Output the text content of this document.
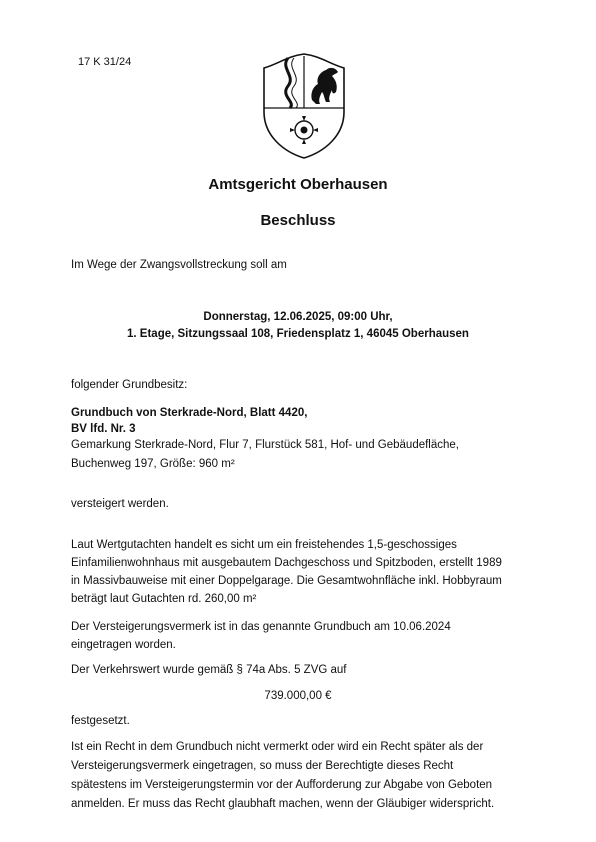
17 K 31/24
Amtsgericht Oberhausen
Beschluss
Im Wege der Zwangsvollstreckung soll am
Donnerstag, 12.06.2025, 09:00 Uhr,
1. Etage, Sitzungssaal 108, Friedensplatz 1, 46045 Oberhausen
folgender Grundbesitz:
Grundbuch von Sterkrade-Nord, Blatt 4420,
BV lfd. Nr. 3
Gemarkung Sterkrade-Nord, Flur 7, Flurstück 581, Hof- und Gebäudefläche,
Buchenweg 197, Größe: 960 m²
versteigert werden.
Laut Wertgutachten handelt es sicht um ein freistehendes 1,5-geschossiges
Einfamilienwohnhaus mit ausgebautem Dachgeschoss und Spitzboden, erstellt 1989
in Massivbauweise mit einer Doppelgarage. Die Gesamtwohnfläche inkl. Hobbyraum
beträgt laut Gutachten rd. 260,00 m²
Der Versteigerungsvermerk ist in das genannte Grundbuch am 10.06.2024
eingetragen worden.
Der Verkehrswert wurde gemäß § 74a Abs. 5 ZVG auf
739.000,00 €
festgesetzt.
Ist ein Recht in dem Grundbuch nicht vermerkt oder wird ein Recht später als der
Versteigerungsvermerk eingetragen, so muss der Berechtigte dieses Recht
spätestens im Versteigerungstermin vor der Aufforderung zur Abgabe von Geboten
anmelden. Er muss das Recht glaubhaft machen, wenn der Gläubiger widerspricht.
